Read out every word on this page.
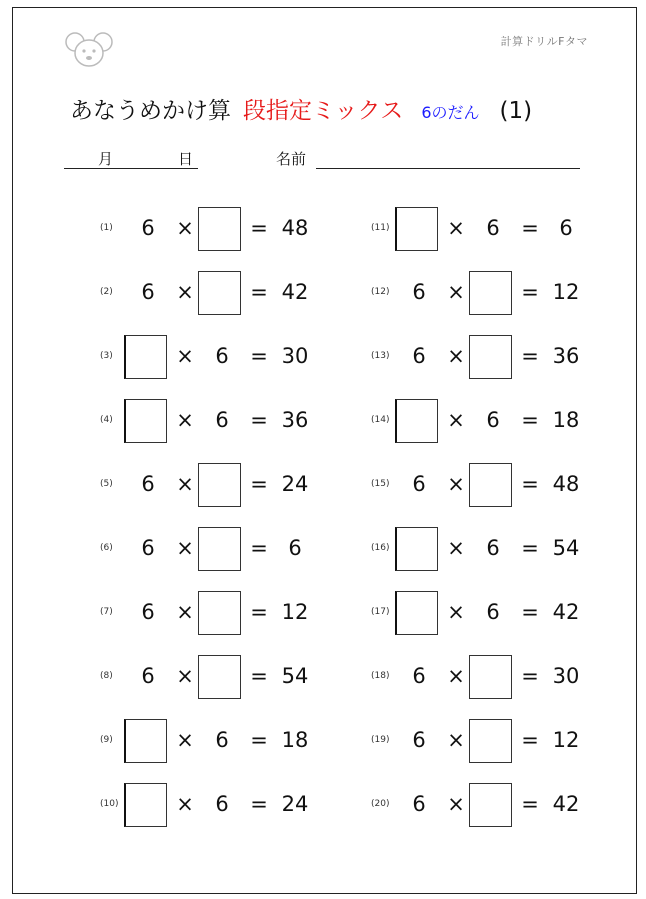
計算ドリルFタマ
あなうめかけ算 段指定ミックス 6のだん (1)
月	日	名前
(1)	6	×	= 48
(2)	6	×	= 42
(3)	×	6	= 30
(4)	×	6	= 36
(5)	6	×	= 24
(6)	6	×	= 6
(7)	6	×	= 12
(8)	6	×	= 54
(9)	×	6	= 18
(10)	×	6	= 24
(11)	×	6	= 6
(12)	6	×	= 12
(13)	6	×	= 36
(14)	×	6	= 18
(15)	6	×	= 48
(16)	×	6	= 54
(17)	×	6	= 42
(18)	6	×	= 30
(19)	6	×	= 12
(20)	6	×	= 42
